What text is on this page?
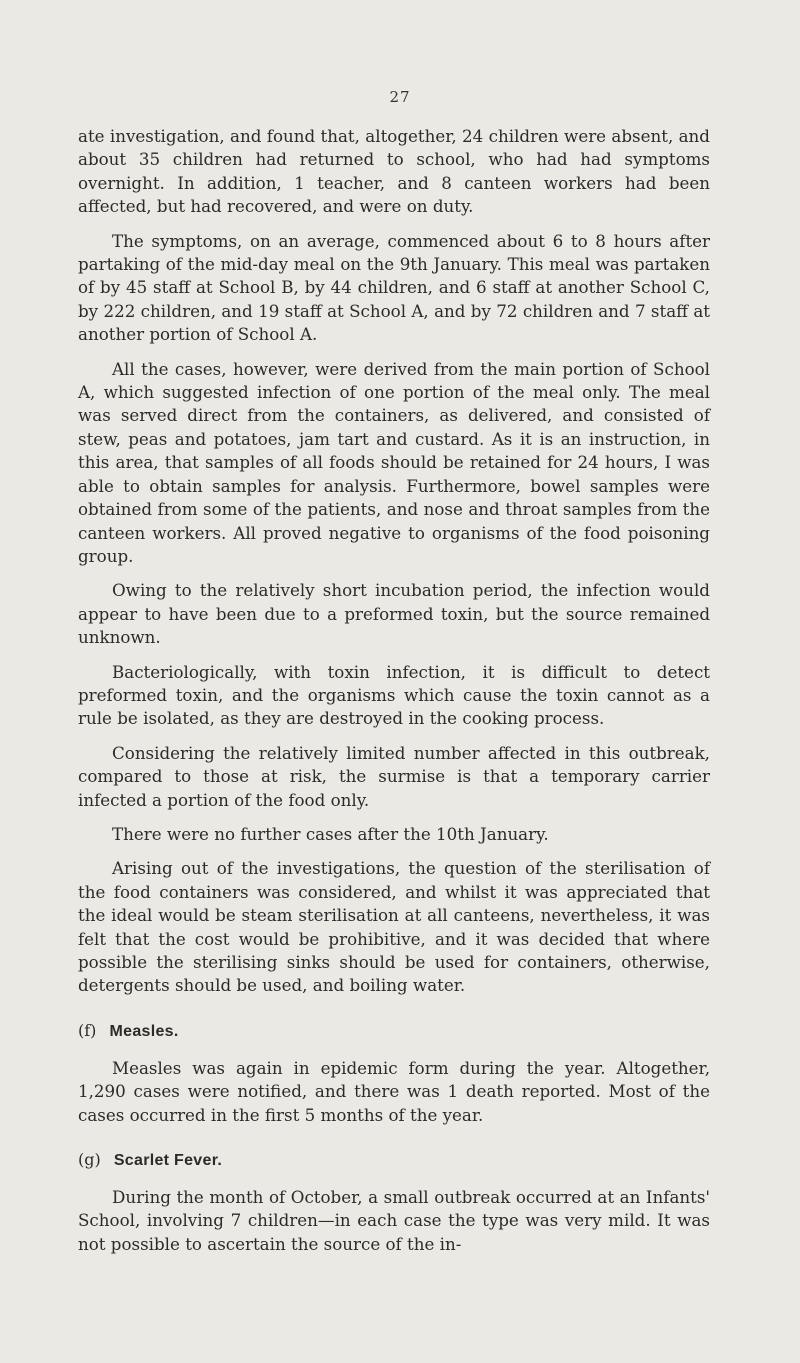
27

ate investigation, and found that, altogether, 24 children were absent, and about 35 children had returned to school, who had had symptoms overnight. In addition, 1 teacher, and 8 canteen workers had been affected, but had recovered, and were on duty.

The symptoms, on an average, commenced about 6 to 8 hours after partaking of the mid-day meal on the 9th January. This meal was partaken of by 45 staff at School B, by 44 children, and 6 staff at another School C, by 222 children, and 19 staff at School A, and by 72 children and 7 staff at another portion of School A.

All the cases, however, were derived from the main portion of School A, which suggested infection of one portion of the meal only. The meal was served direct from the containers, as delivered, and consisted of stew, peas and potatoes, jam tart and custard. As it is an instruction, in this area, that samples of all foods should be retained for 24 hours, I was able to obtain samples for analysis. Furthermore, bowel samples were obtained from some of the patients, and nose and throat samples from the canteen workers. All proved negative to organisms of the food poisoning group.

Owing to the relatively short incubation period, the infection would appear to have been due to a preformed toxin, but the source remained unknown.

Bacteriologically, with toxin infection, it is difficult to detect preformed toxin, and the organisms which cause the toxin cannot as a rule be isolated, as they are destroyed in the cooking process.

Considering the relatively limited number affected in this outbreak, compared to those at risk, the surmise is that a temporary carrier infected a portion of the food only.

There were no further cases after the 10th January.

Arising out of the investigations, the question of the sterilisation of the food containers was considered, and whilst it was appreciated that the ideal would be steam sterilisation at all canteens, nevertheless, it was felt that the cost would be prohibitive, and it was decided that where possible the sterilising sinks should be used for containers, otherwise, detergents should be used, and boiling water.

(f) Measles.

Measles was again in epidemic form during the year. Altogether, 1,290 cases were notified, and there was 1 death reported. Most of the cases occurred in the first 5 months of the year.

(g) Scarlet Fever.

During the month of October, a small outbreak occurred at an Infants' School, involving 7 children—in each case the type was very mild. It was not possible to ascertain the source of the in-
